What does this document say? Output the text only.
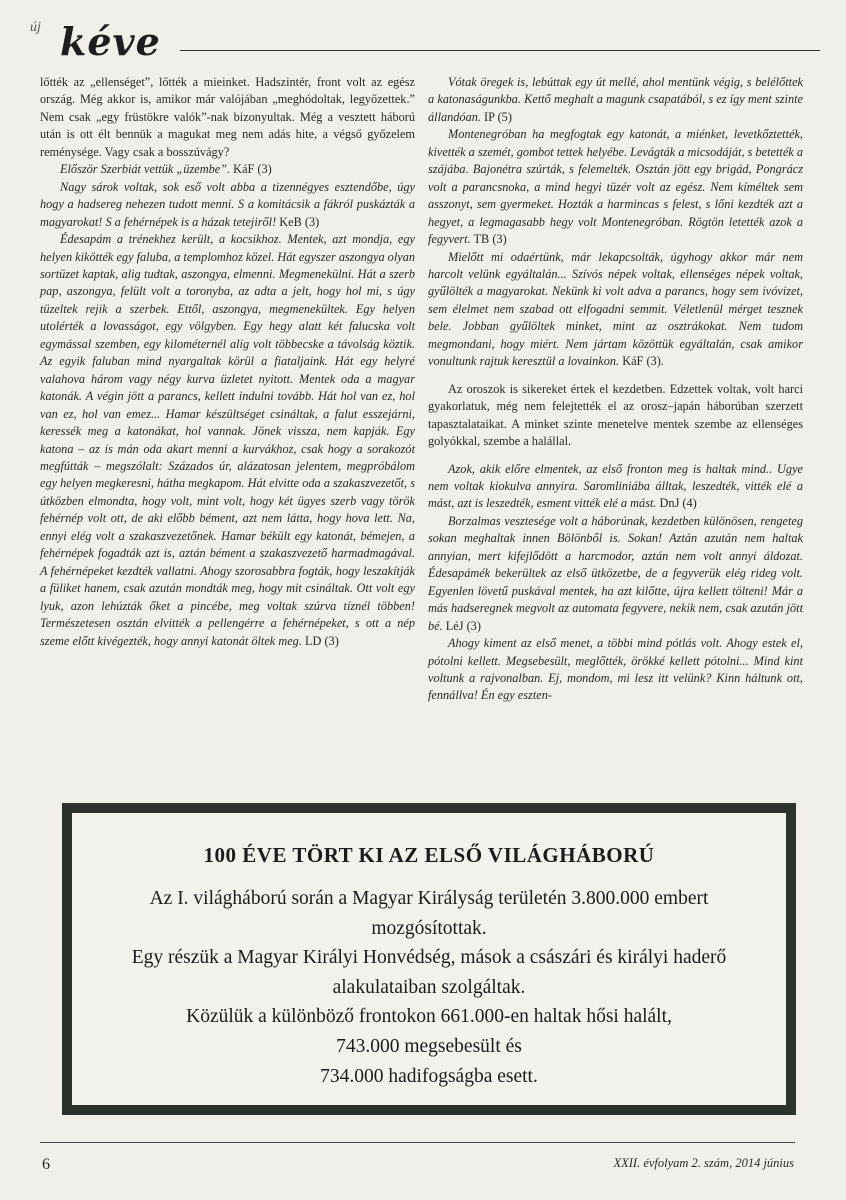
új kéve

lőtték az „ellenséget”, lőtték a mieinket. Hadszintér, front volt az egész ország. Még akkor is, amikor már valójában „meghódoltak, legyőzettek.” Nem csak „egy früstökre valók”-nak bizonyultak. Még a vesztett háború után is ott élt bennük a magukat meg nem adás hite, a végső győzelem reménysége. Vagy csak a bosszúvágy?

Először Szerbiát vettük „üzembe”. KáF (3)

Nagy sárok voltak, sok eső volt abba a tizennégyes esztendőbe, úgy hogy a hadsereg nehezen tudott menni. S a komitácsik a fákról puskázták a magyarokat! S a fehérnépek is a házak tetejiről! KeB (3)

Édesapám a trénekhez került, a kocsikhoz. Mentek, azt mondja, egy helyen kikötték egy faluba, a templomhoz közel. Hát egyszer aszongya olyan sortüzet kaptak, alig tudtak, aszongya, elmenni. Megmenekülni. Hát a szerb pap, aszongya, felült volt a toronyba, az adta a jelt, hogy hol mi, s úgy tüzeltek rejik a szerbek. Ettől, aszongya, megmenekültek. Egy helyen utolérték a lovasságot, egy völgyben. Egy hegy alatt két falucska volt egymással szemben, egy kilométernél alig volt többecske a távolság köztik. Az egyik faluban mind nyargaltak körül a fiataljaink. Hát egy helyré valahova három vagy négy kurva üzletet nyitott. Mentek oda a magyar katonák. A végin jött a parancs, kellett indulni tovább. Hát hol van ez, hol van ez, hol van emez... Hamar készültséget csináltak, a falut esszejárni, keressék meg a katonákat, hol vannak. Jönek vissza, nem kapják. Egy katona – az is mán oda akart menni a kurvákhoz, csak hogy a sorakozót megfútták – megszólalt: Százados úr, alázatosan jelentem, megpróbálom egy helyen megkeresni, hátha megkapom. Hát elvitte oda a szakaszvezetőt, s útközben elmondta, hogy volt, mint volt, hogy két ügyes szerb vagy török fehérnép volt ott, de aki előbb bément, azt nem látta, hogy hova lett. Na, ennyi elég volt a szakaszvezetőnek. Hamar békült egy katonát, bémejen, a fehérnépek fogadták azt is, aztán bément a szakaszvezető harmadmagával. A fehérnépeket kezdték vallatni. Ahogy szorosabbra fogták, hogy leszakítják a füliket hanem, csak azután mondták meg, hogy mit csináltak. Ott volt egy lyuk, azon lehúzták őket a pincébe, meg voltak szúrva tíznél többen! Természetesen osztán elvitték a pellengérre a fehérnépeket, s ott a nép szeme előtt kivégezték, hogy annyi katonát öltek meg. LD (3)

Vótak öregek is, lebúttak egy út mellé, ahol mentünk végig, s belélőttek a katonaságunkba. Kettő meghalt a magunk csapatából, s ez így ment szinte állandóan. IP (5)

Montenegróban ha megfogtak egy katonát, a miénket, levetkőztették, kivették a szemét, gombot tettek helyébe. Levágták a micsodáját, s betették a szájába. Bajonétra szúrták, s felemelték. Osztán jött egy brigád, Pongrácz volt a parancsnoka, a mind hegyi tüzér volt az egész. Nem kíméltek sem asszonyt, sem gyermeket. Hozták a harmincas s felest, s lőni kezdték azt a hegyet, a legmagasabb hegy volt Montenegróban. Rögtön letették azok a fegyvert. TB (3)

Mielőtt mi odaértünk, már lekapcsolták, úgyhogy akkor már nem harcolt velünk egyáltalán... Szívós népek voltak, ellenséges népek voltak, gyűlölték a magyarokat. Nekünk ki volt adva a parancs, hogy sem ivóvizet, sem élelmet nem szabad ott elfogadni semmit. Véletlenül mérget tesznek bele. Jobban gyűlöltek minket, mint az osztrákokat. Nem tudom megmondani, hogy miért. Nem jártam közöttük egyáltalán, csak amikor vonultunk rajtuk keresztül a lovainkon. KáF (3).

Az oroszok is sikereket értek el kezdetben. Edzettek voltak, volt harci gyakorlatuk, még nem felejtették el az orosz–japán háborúban szerzett tapasztalataikat. A minket szinte menetelve mentek szembe az ellenséges golyókkal, szembe a halállal.

Azok, akik előre elmentek, az első fronton meg is haltak mind.. Ugye nem voltak kiokulva annyira. Saromliniába álltak, leszedték, vitték elé a mást, azt is leszedték, esment vitték elé a mást. DnJ (4)

Borzalmas vesztesége volt a háborúnak, kezdetben különösen, rengeteg sokan meghaltak innen Bölönből is. Sokan! Aztán azután nem haltak annyian, mert kifejlődött a harcmodor, aztán nem volt annyi áldozat. Édesapámék bekerültek az első ütközetbe, de a fegyverük elég rideg volt. Egyenlen lövetű puskával mentek, ha azt kilőtte, újra kellett tölteni! Már a más hadseregnek megvolt az automata fegyvere, nekik nem, csak azután jött bé. LéJ (3)

Ahogy kiment az első menet, a többi mind pótlás volt. Ahogy estek el, pótolni kellett. Megsebesült, meglőtték, örökké kellett pótolni... Mind kint voltunk a rajvonalban. Ej, mondom, mi lesz itt velünk? Kinn háltunk ott, fennállva! Én egy eszten-

100 ÉVE TÖRT KI AZ ELSŐ VILÁGHÁBORÚ
Az I. világháború során a Magyar Királyság területén 3.800.000 embert
mozgósítottak.
Egy részük a Magyar Királyi Honvédség, mások a császári és királyi haderő
alakulataiban szolgáltak.
Közülük a különböző frontokon 661.000-en haltak hősi halált,
743.000 megsebesült és
734.000 hadifogságba esett.
6	XXII. évfolyam 2. szám, 2014 június
